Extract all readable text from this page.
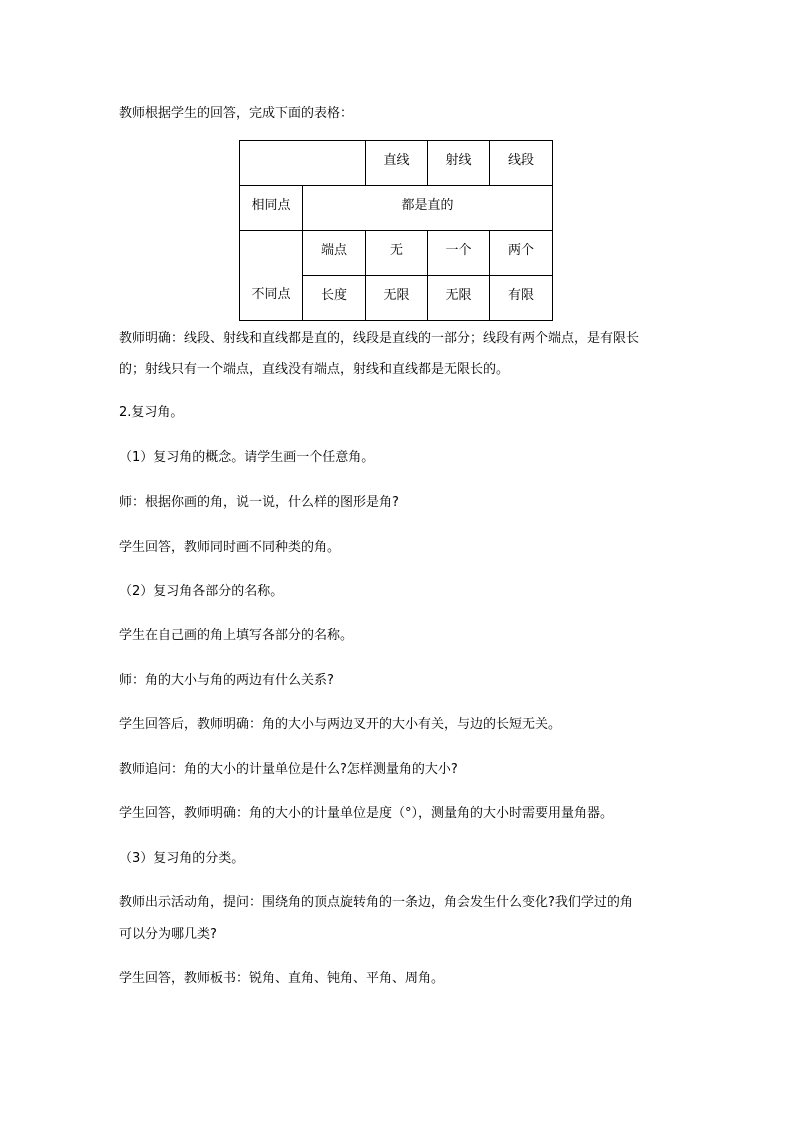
教师根据学生的回答，完成下面的表格：
		直线	射线	线段
相同点	都是直的			
不同点	端点	无	一个	两个
	长度	无限	无限	有限
教师明确：线段、射线和直线都是直的，线段是直线的一部分；线段有两个端点，是有限长
的；射线只有一个端点，直线没有端点，射线和直线都是无限长的。
2.复习角。
（1）复习角的概念。请学生画一个任意角。
师：根据你画的角，说一说，什么样的图形是角?
学生回答，教师同时画不同种类的角。
（2）复习角各部分的名称。
学生在自己画的角上填写各部分的名称。
师：角的大小与角的两边有什么关系?
学生回答后，教师明确：角的大小与两边叉开的大小有关，与边的长短无关。
教师追问：角的大小的计量单位是什么?怎样测量角的大小?
学生回答，教师明确：角的大小的计量单位是度（°），测量角的大小时需要用量角器。
（3）复习角的分类。
教师出示活动角，提问：围绕角的顶点旋转角的一条边，角会发生什么变化?我们学过的角
可以分为哪几类?
学生回答，教师板书：锐角、直角、钝角、平角、周角。
